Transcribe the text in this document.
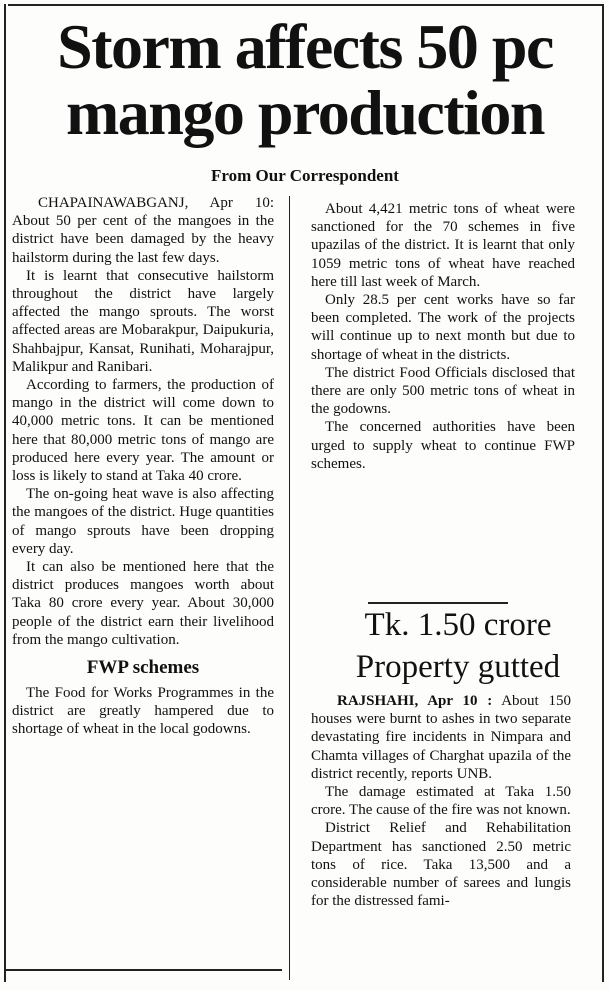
Storm affects 50 pc mango production
From Our Correspondent

CHAPAINAWABGANJ, Apr 10: About 50 per cent of the mangoes in the district have been damaged by the heavy hailstorm during the last few days.

It is learnt that consecutive hailstorm throughout the district have largely affected the mango sprouts. The worst affected areas are Mobarakpur, Daipukuria, Shahbajpur, Kansat, Runihati, Moharajpur, Malikpur and Ranibari.

According to farmers, the production of mango in the district will come down to 40,000 metric tons. It can be mentioned here that 80,000 metric tons of mango are produced here every year. The amount or loss is likely to stand at Taka 40 crore.

The on-going heat wave is also affecting the mangoes of the district. Huge quantities of mango sprouts have been dropping every day.

It can also be mentioned here that the district produces mangoes worth about Taka 80 crore every year. About 30,000 people of the district earn their livelihood from the mango cultivation.

FWP schemes

The Food for Works Programmes in the district are greatly hampered due to shortage of wheat in the local godowns.

About 4,421 metric tons of wheat were sanctioned for the 70 schemes in five upazilas of the district. It is learnt that only 1059 metric tons of wheat have reached here till last week of March.

Only 28.5 per cent works have so far been completed. The work of the projects will continue up to next month but due to shortage of wheat in the districts.

The district Food Officials disclosed that there are only 500 metric tons of wheat in the godowns.

The concerned authorities have been urged to supply wheat to continue FWP schemes.

Tk. 1.50 crore
Property gutted

RAJSHAHI, Apr 10 : About 150 houses were burnt to ashes in two separate devastating fire incidents in Nimpara and Chamta villages of Charghat upazila of the district recently, reports UNB.

The damage estimated at Taka 1.50 crore. The cause of the fire was not known.

District Relief and Rehabilitation Department has sanctioned 2.50 metric tons of rice. Taka 13,500 and a considerable number of sarees and lungis for the distressed fami-
